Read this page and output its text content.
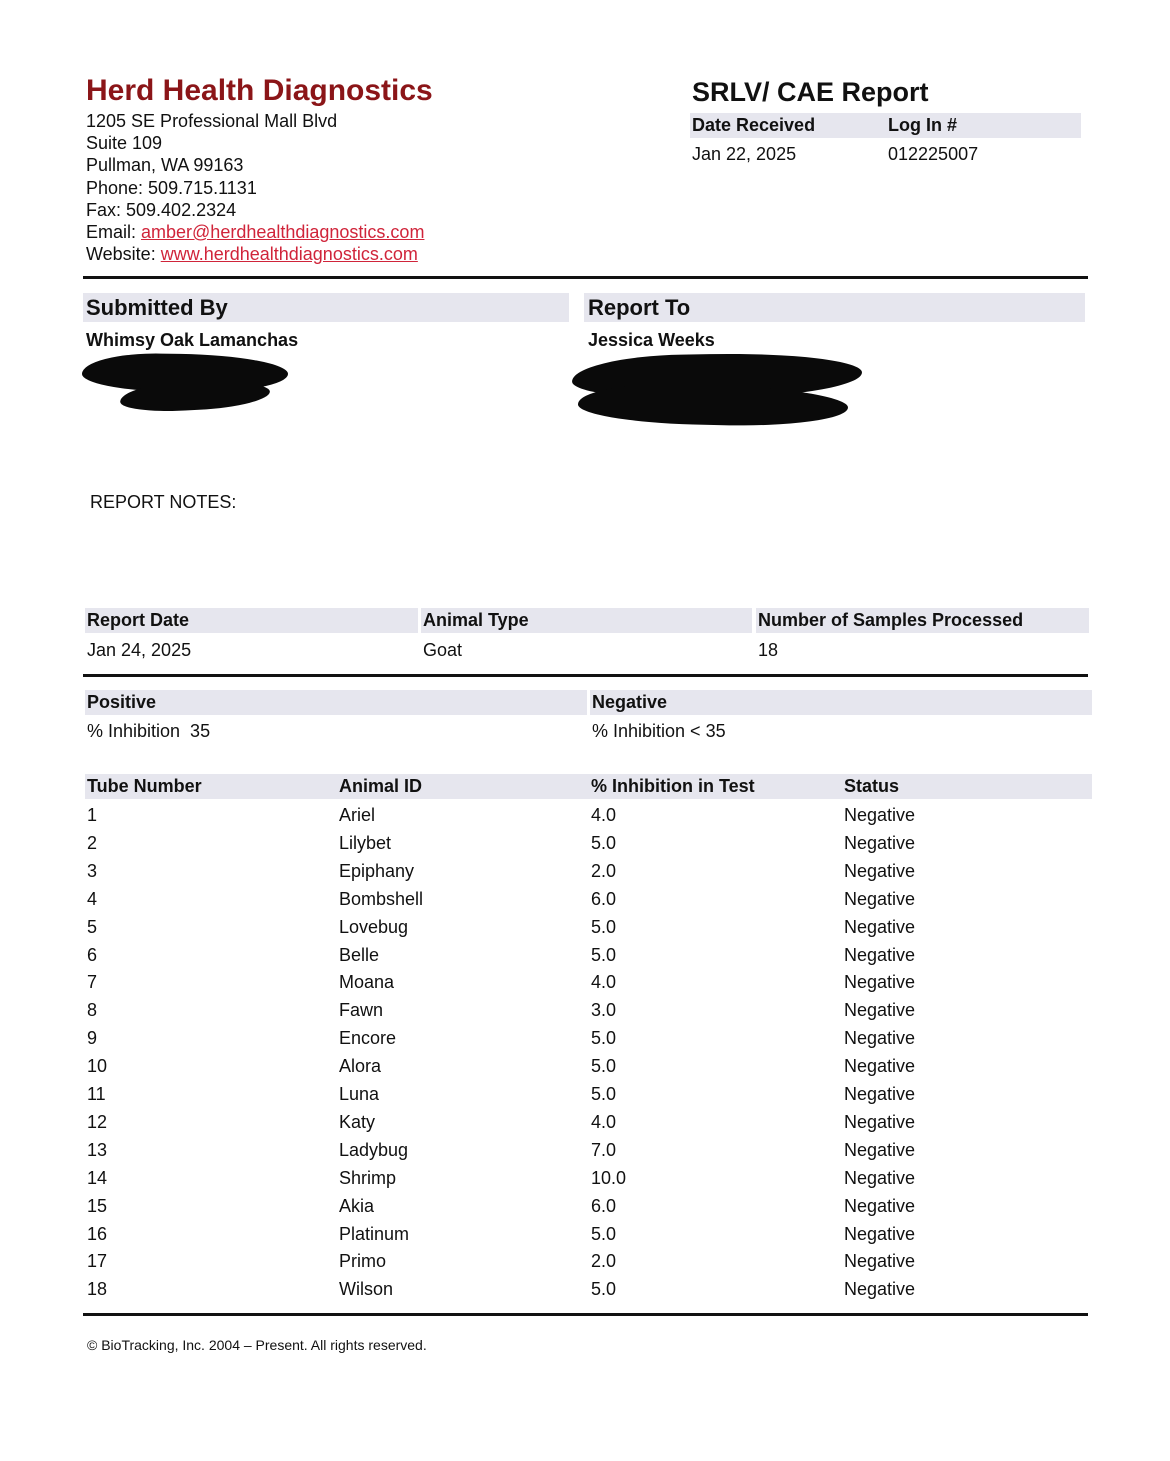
Herd Health Diagnostics
1205 SE Professional Mall Blvd
Suite 109
Pullman, WA 99163
Phone: 509.715.1131
Fax: 509.402.2324
Email: amber@herdhealthdiagnostics.com
Website: www.herdhealthdiagnostics.com
SRLV/ CAE Report
Date Received	Log In #
Jan 22, 2025	012225007
Submitted By	Report To
Whimsy Oak Lamanchas	Jessica Weeks
REPORT NOTES:
Report Date	Animal Type	Number of Samples Processed
Jan 24, 2025	Goat	18
Positive	Negative
% Inhibition  35	% Inhibition < 35
Tube Number	Animal ID	% Inhibition in Test	Status
1	Ariel	4.0	Negative
2	Lilybet	5.0	Negative
3	Epiphany	2.0	Negative
4	Bombshell	6.0	Negative
5	Lovebug	5.0	Negative
6	Belle	5.0	Negative
7	Moana	4.0	Negative
8	Fawn	3.0	Negative
9	Encore	5.0	Negative
10	Alora	5.0	Negative
11	Luna	5.0	Negative
12	Katy	4.0	Negative
13	Ladybug	7.0	Negative
14	Shrimp	10.0	Negative
15	Akia	6.0	Negative
16	Platinum	5.0	Negative
17	Primo	2.0	Negative
18	Wilson	5.0	Negative
© BioTracking, Inc. 2004 – Present. All rights reserved.
